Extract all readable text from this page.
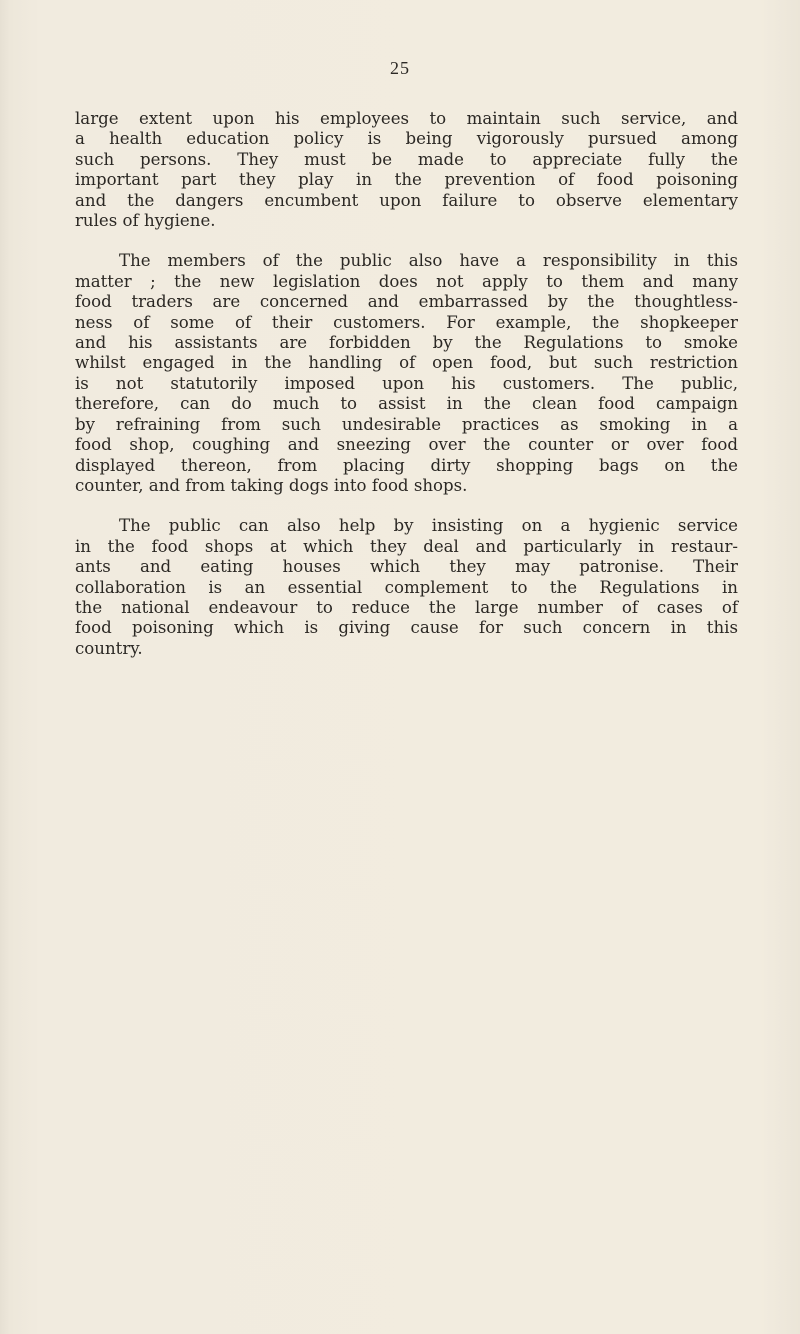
25

large extent upon his employees to maintain such service, and
a health education policy is being vigorously pursued among
such persons. They must be made to appreciate fully the
important part they play in the prevention of food poisoning
and the dangers encumbent upon failure to observe elementary
rules of hygiene.

The members of the public also have a responsibility in this
matter ; the new legislation does not apply to them and many
food traders are concerned and embarrassed by the thoughtless-
ness of some of their customers. For example, the shopkeeper
and his assistants are forbidden by the Regulations to smoke
whilst engaged in the handling of open food, but such restriction
is not statutorily imposed upon his customers. The public,
therefore, can do much to assist in the clean food campaign
by refraining from such undesirable practices as smoking in a
food shop, coughing and sneezing over the counter or over food
displayed thereon, from placing dirty shopping bags on the
counter, and from taking dogs into food shops.

The public can also help by insisting on a hygienic service
in the food shops at which they deal and particularly in restaur-
ants and eating houses which they may patronise. Their
collaboration is an essential complement to the Regulations in
the national endeavour to reduce the large number of cases of
food poisoning which is giving cause for such concern in this
country.
